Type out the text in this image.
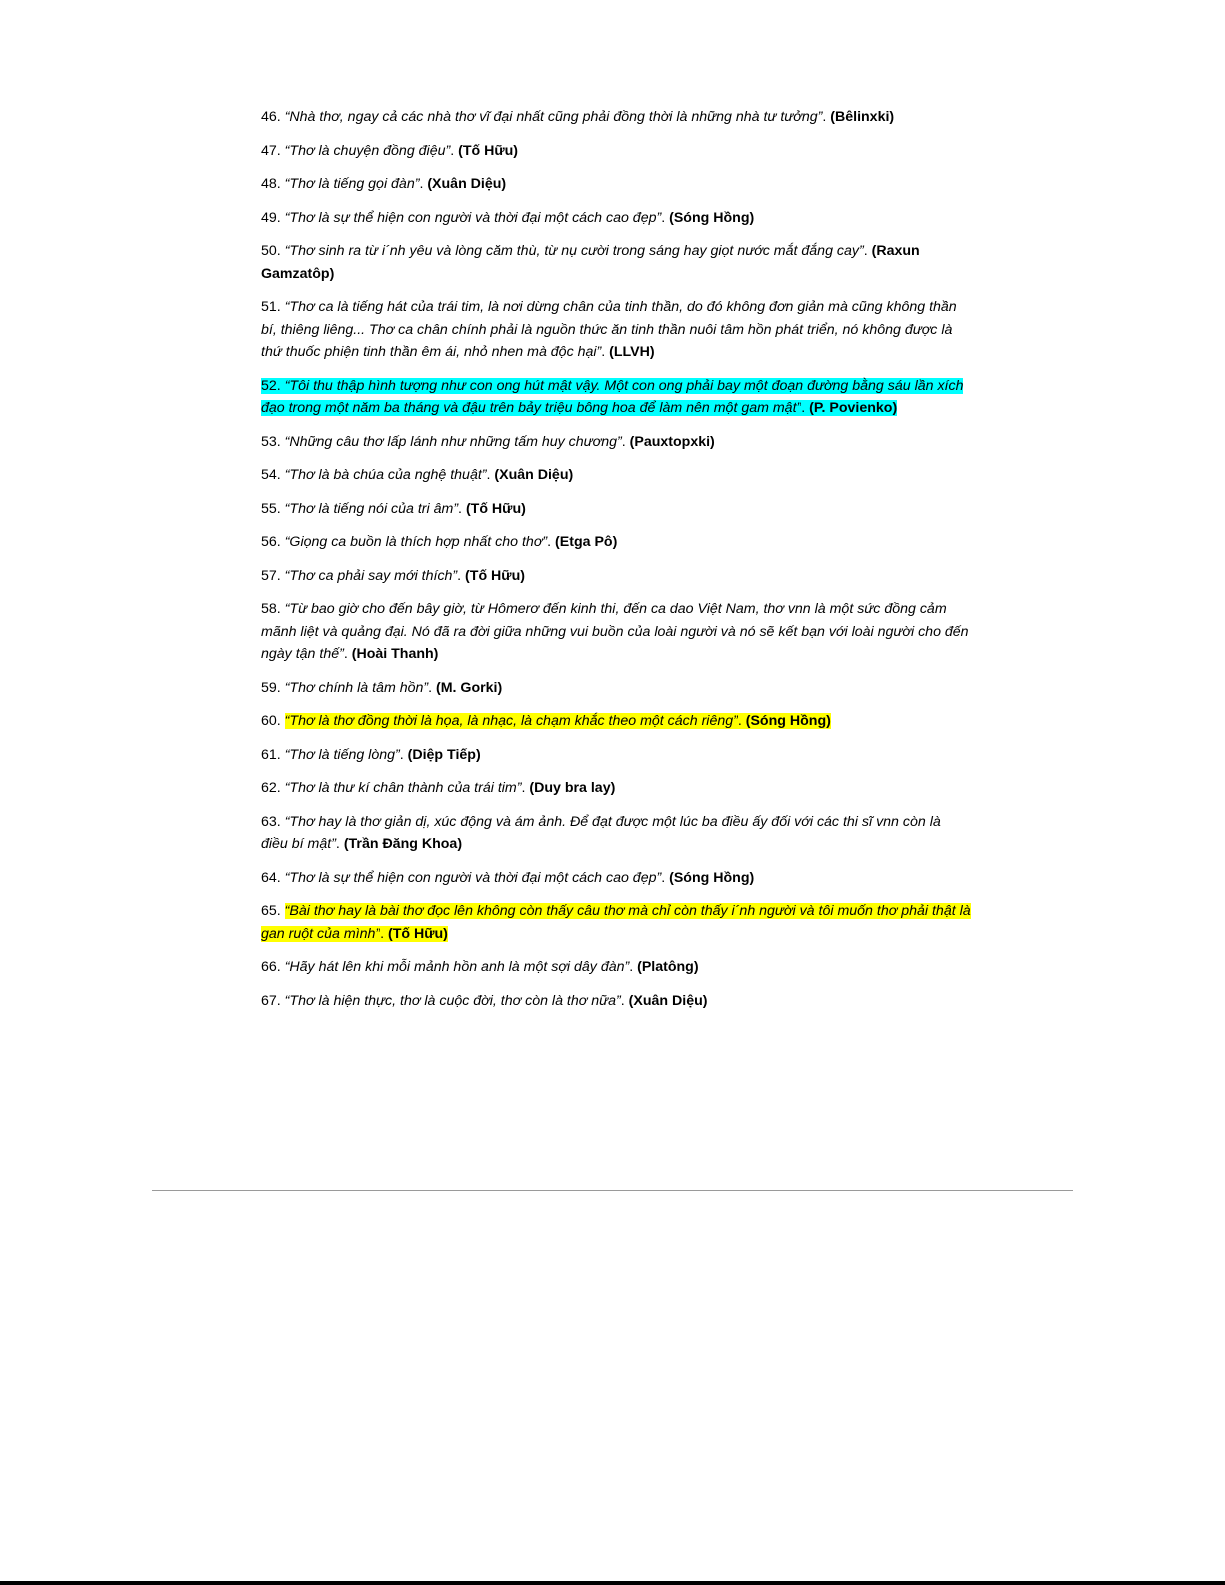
46. “Nhà thơ, ngay cả các nhà thơ vĩ đại nhất cũng phải đồng thời là những nhà tư tưởng”. (Bêlinxki)

47. “Thơ là chuyện đồng điệu”. (Tố Hữu)

48. “Thơ là tiếng gọi đàn”. (Xuân Diệu)

49. “Thơ là sự thể hiện con người và thời đại một cách cao đẹp”. (Sóng Hồng)

50. “Thơ sinh ra từ i´nh yêu và lòng căm thù, từ nụ cười trong sáng hay giọt nước mắt đắng cay”. (Raxun Gamzatôp)

51. “Thơ ca là tiếng hát của trái tim, là nơi dừng chân của tinh thần, do đó không đơn giản mà cũng không thần bí, thiêng liêng... Thơ ca chân chính phải là nguồn thức ăn tinh thần nuôi tâm hồn phát triển, nó không được là thứ thuốc phiện tinh thần êm ái, nhỏ nhen mà độc hại”. (LLVH)

52. “Tôi thu thập hình tượng như con ong hút mật vậy. Một con ong phải bay một đoạn đường bằng sáu lần xích đạo trong một năm ba tháng và đậu trên bảy triệu bông hoa để làm nên một gam mật”. (P. Povienko)

53. “Những câu thơ lấp lánh như những tấm huy chương”. (Pauxtopxki)

54. “Thơ là bà chúa của nghệ thuật”. (Xuân Diệu)

55. “Thơ là tiếng nói của tri âm”. (Tố Hữu)

56. “Giọng ca buồn là thích hợp nhất cho thơ”. (Etga Pô)

57. “Thơ ca phải say mới thích”. (Tố Hữu)

58. “Từ bao giờ cho đến bây giờ, từ Hômerơ đến kinh thi, đến ca dao Việt Nam, thơ vnn là một sức đồng cảm mãnh liệt và quảng đại. Nó đã ra đời giữa những vui buồn của loài người và nó sẽ kết bạn với loài người cho đến ngày tận thế”. (Hoài Thanh)

59. “Thơ chính là tâm hồn”. (M. Gorki)

60. “Thơ là thơ đồng thời là họa, là nhạc, là chạm khắc theo một cách riêng”. (Sóng Hồng)

61. “Thơ là tiếng lòng”. (Diệp Tiếp)

62. “Thơ là thư kí chân thành của trái tim”. (Duy bra lay)

63. “Thơ hay là thơ giản dị, xúc động và ám ảnh. Để đạt được một lúc ba điều ấy đối với các thi sĩ vnn còn là điều bí mật”. (Trần Đăng Khoa)

64. “Thơ là sự thể hiện con người và thời đại một cách cao đẹp”. (Sóng Hồng)

65. “Bài thơ hay là bài thơ đọc lên không còn thấy câu thơ mà chỉ còn thấy i´nh người và tôi muốn thơ phải thật là gan ruột của mình”. (Tố Hữu)

66. “Hãy hát lên khi mỗi mảnh hồn anh là một sợi dây đàn”. (Platông)

67. “Thơ là hiện thực, thơ là cuộc đời, thơ còn là thơ nữa”. (Xuân Diệu)
